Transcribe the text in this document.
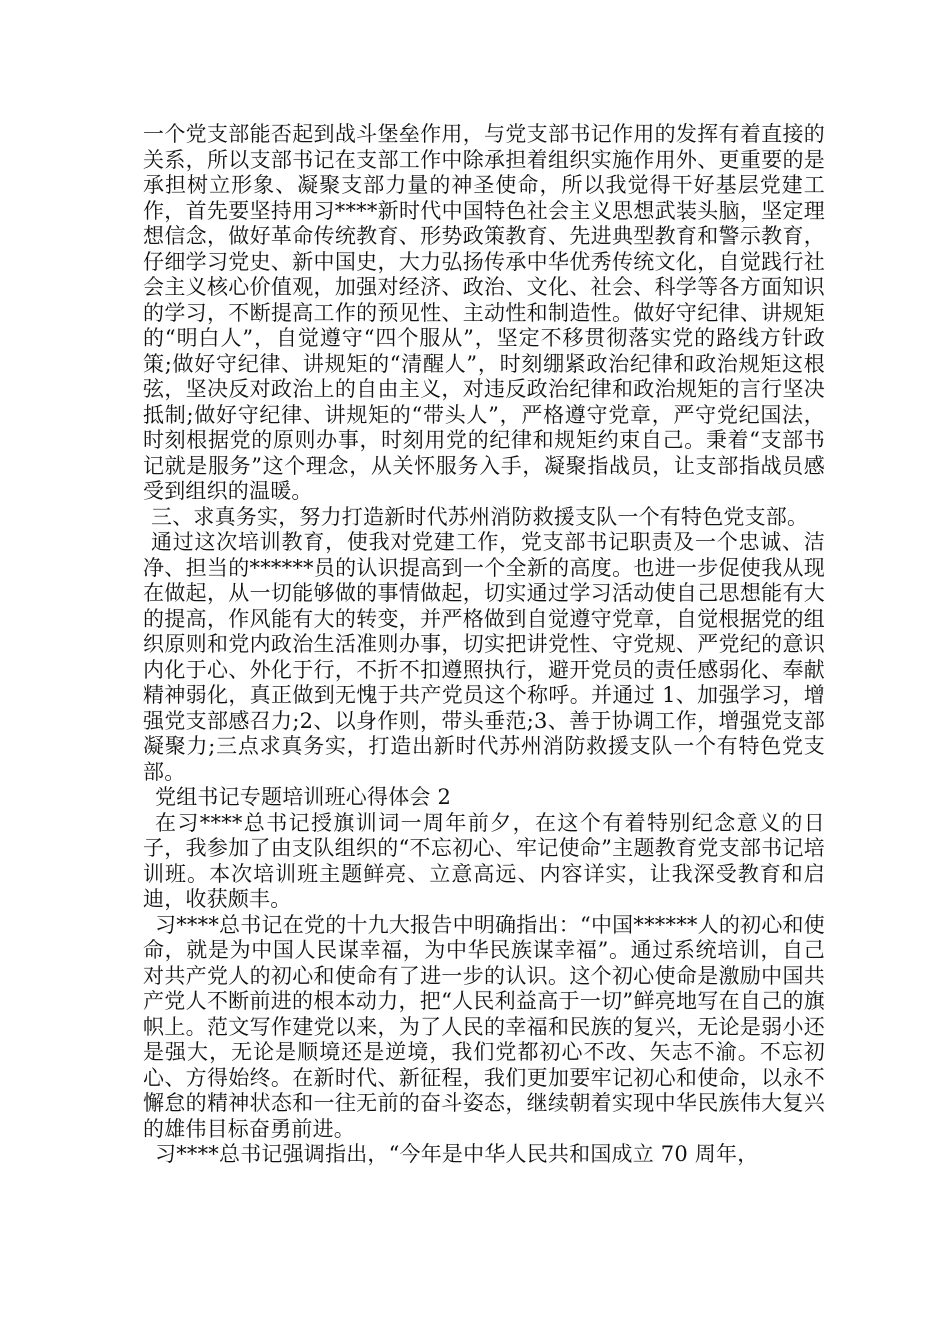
一个党支部能否起到战斗堡垒作用，与党支部书记作用的发挥有着直接的关系，所以支部书记在支部工作中除承担着组织实施作用外、更重要的是承担树立形象、凝聚支部力量的神圣使命，所以我觉得干好基层党建工作，首先要坚持用习****新时代中国特色社会主义思想武装头脑，坚定理想信念，做好革命传统教育、形势政策教育、先进典型教育和警示教育，仔细学习党史、新中国史，大力弘扬传承中华优秀传统文化，自觉践行社会主义核心价值观，加强对经济、政治、文化、社会、科学等各方面知识的学习，不断提高工作的预见性、主动性和制造性。做好守纪律、讲规矩的“明白人”，自觉遵守“四个服从”，坚定不移贯彻落实党的路线方针政策;做好守纪律、讲规矩的“清醒人”，时刻绷紧政治纪律和政治规矩这根弦，坚决反对政治上的自由主义，对违反政治纪律和政治规矩的言行坚决抵制;做好守纪律、讲规矩的“带头人”，严格遵守党章，严守党纪国法，时刻根据党的原则办事，时刻用党的纪律和规矩约束自己。秉着“支部书记就是服务”这个理念，从关怀服务入手，凝聚指战员，让支部指战员感受到组织的温暖。

三、求真务实，努力打造新时代苏州消防救援支队一个有特色党支部。

通过这次培训教育，使我对党建工作，党支部书记职责及一个忠诚、洁净、担当的******员的认识提高到一个全新的高度。也进一步促使我从现在做起，从一切能够做的事情做起，切实通过学习活动使自己思想能有大的提高，作风能有大的转变，并严格做到自觉遵守党章，自觉根据党的组织原则和党内政治生活准则办事，切实把讲党性、守党规、严党纪的意识内化于心、外化于行，不折不扣遵照执行，避开党员的责任感弱化、奉献精神弱化，真正做到无愧于共产党员这个称呼。并通过 1、加强学习，增强党支部感召力;2、以身作则，带头垂范;3、善于协调工作，增强党支部凝聚力;三点求真务实，打造出新时代苏州消防救援支队一个有特色党支部。

党组书记专题培训班心得体会 2

在习****总书记授旗训词一周年前夕，在这个有着特别纪念意义的日子，我参加了由支队组织的“不忘初心、牢记使命”主题教育党支部书记培训班。本次培训班主题鲜亮、立意高远、内容详实，让我深受教育和启迪，收获颇丰。

习****总书记在党的十九大报告中明确指出：“中国******人的初心和使命，就是为中国人民谋幸福，为中华民族谋幸福”。通过系统培训，自己对共产党人的初心和使命有了进一步的认识。这个初心使命是激励中国共产党人不断前进的根本动力，把“人民利益高于一切”鲜亮地写在自己的旗帜上。范文写作建党以来，为了人民的幸福和民族的复兴，无论是弱小还是强大，无论是顺境还是逆境，我们党都初心不改、矢志不渝。不忘初心、方得始终。在新时代、新征程，我们更加要牢记初心和使命，以永不懈怠的精神状态和一往无前的奋斗姿态，继续朝着实现中华民族伟大复兴的雄伟目标奋勇前进。

习****总书记强调指出，“今年是中华人民共和国成立 70 周年，
